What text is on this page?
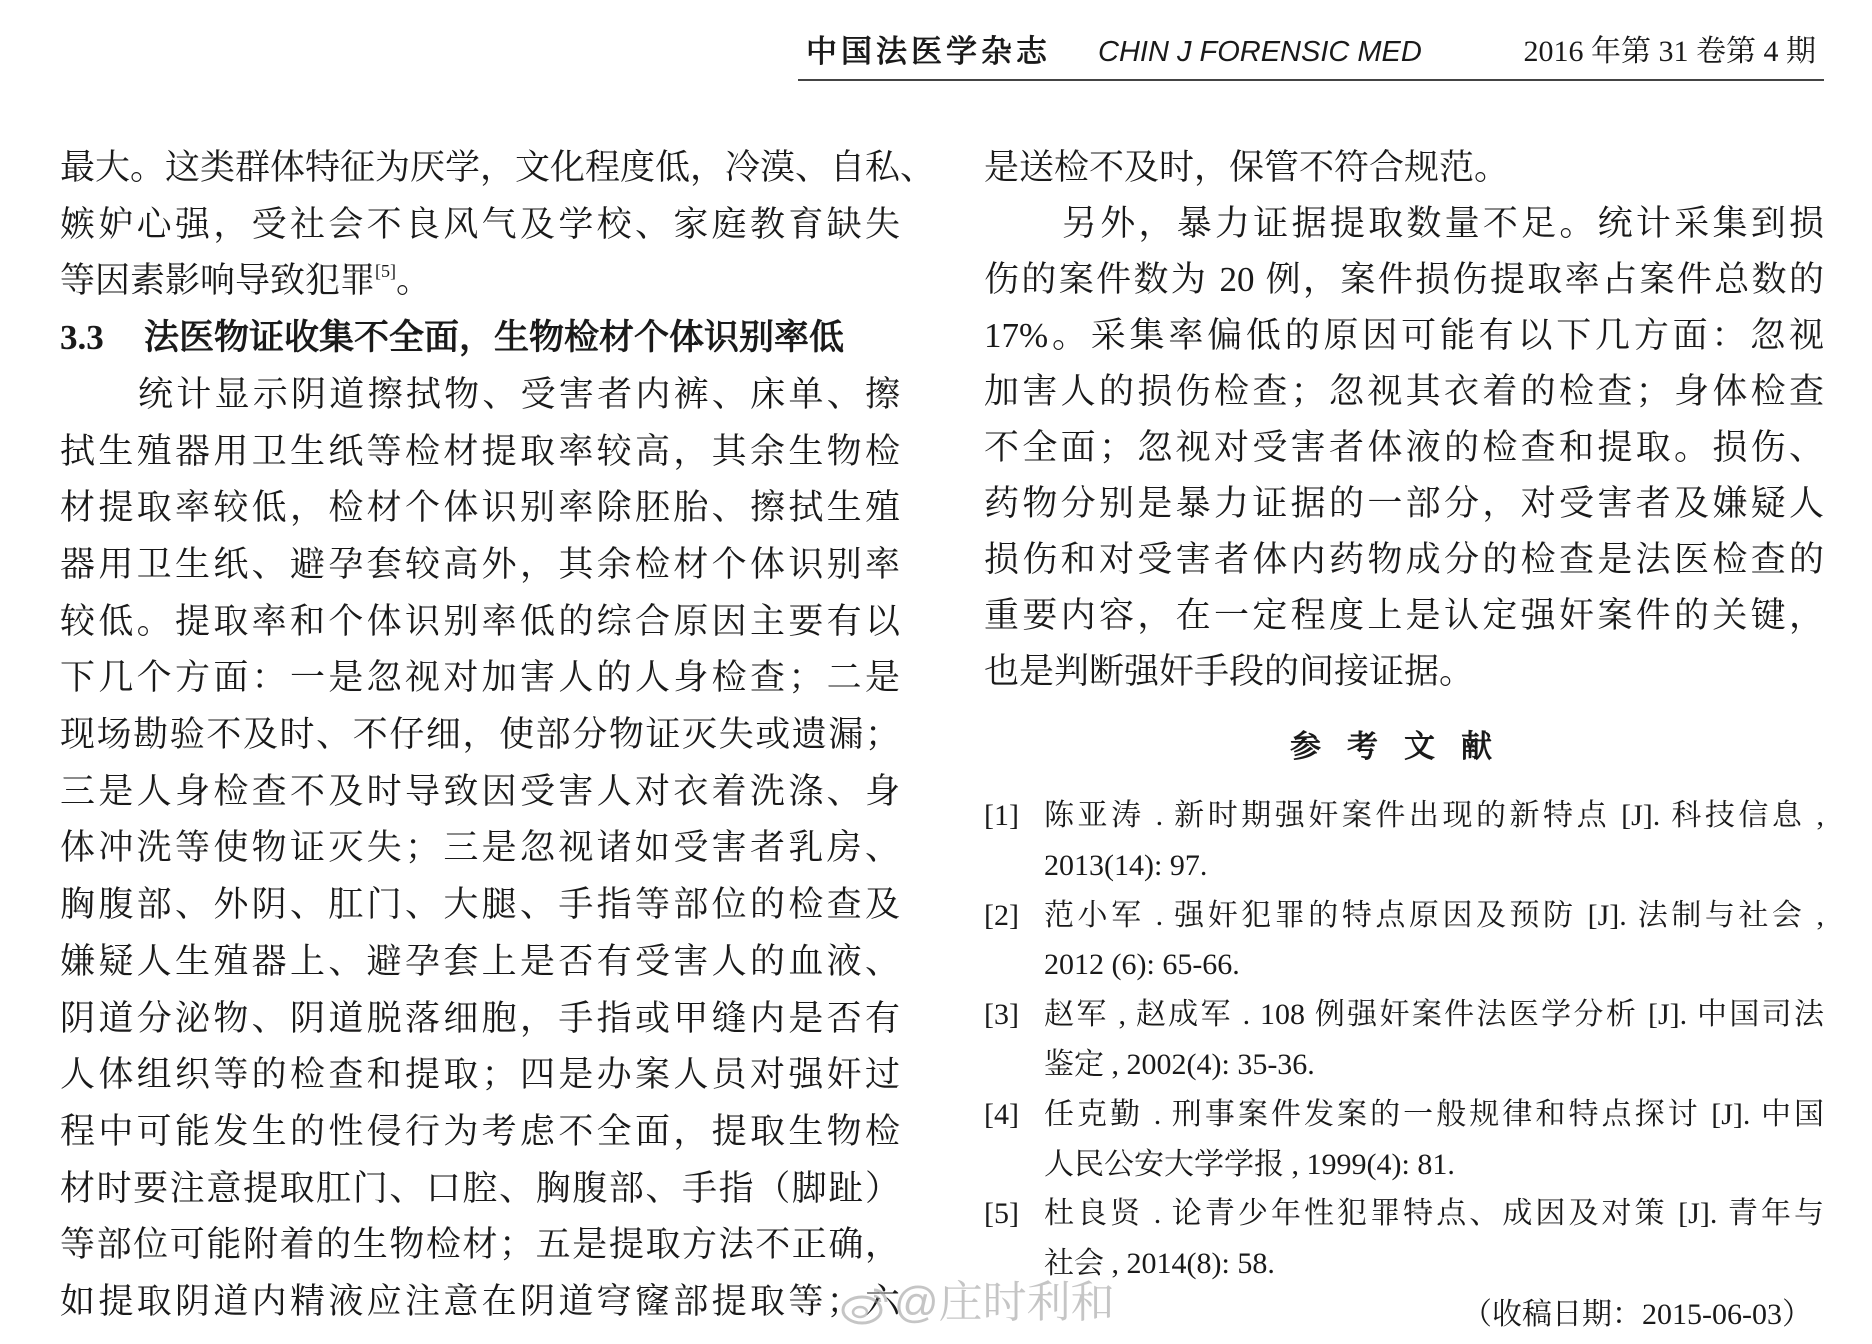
中国法医学杂志 CHIN J FORENSIC MED	2016 年第 31 卷第 4 期
最大。这类群体特征为厌学，文化程度低，冷漠、自私、
嫉妒心强，受社会不良风气及学校、家庭教育缺失
等因素影响导致犯罪[5]。
3.3 法医物证收集不全面，生物检材个体识别率低
统计显示阴道擦拭物、受害者内裤、床单、擦
拭生殖器用卫生纸等检材提取率较高，其余生物检
材提取率较低，检材个体识别率除胚胎、擦拭生殖
器用卫生纸、避孕套较高外，其余检材个体识别率
较低。提取率和个体识别率低的综合原因主要有以
下几个方面：一是忽视对加害人的人身检查；二是
现场勘验不及时、不仔细，使部分物证灭失或遗漏；
三是人身检查不及时导致因受害人对衣着洗涤、身
体冲洗等使物证灭失；三是忽视诸如受害者乳房、
胸腹部、外阴、肛门、大腿、手指等部位的检查及
嫌疑人生殖器上、避孕套上是否有受害人的血液、
阴道分泌物、阴道脱落细胞，手指或甲缝内是否有
人体组织等的检查和提取；四是办案人员对强奸过
程中可能发生的性侵行为考虑不全面，提取生物检
材时要注意提取肛门、口腔、胸腹部、手指（脚趾）
等部位可能附着的生物检材；五是提取方法不正确，
如提取阴道内精液应注意在阴道穹窿部提取等；六
是送检不及时，保管不符合规范。
另外，暴力证据提取数量不足。统计采集到损
伤的案件数为 20 例，案件损伤提取率占案件总数的
17%。采集率偏低的原因可能有以下几方面：忽视
加害人的损伤检查；忽视其衣着的检查；身体检查
不全面；忽视对受害者体液的检查和提取。损伤、
药物分别是暴力证据的一部分，对受害者及嫌疑人
损伤和对受害者体内药物成分的检查是法医检查的
重要内容，在一定程度上是认定强奸案件的关键，
也是判断强奸手段的间接证据。
参考文献
[1] 陈亚涛 . 新时期强奸案件出现的新特点 [J]. 科技信息 ,
2013(14): 97.
[2] 范小军 . 强奸犯罪的特点原因及预防 [J]. 法制与社会 ,
2012 (6): 65-66.
[3] 赵军 , 赵成军 . 108 例强奸案件法医学分析 [J]. 中国司法
鉴定 , 2002(4): 35-36.
[4] 任克勤 . 刑事案件发案的一般规律和特点探讨 [J]. 中国
人民公安大学学报 , 1999(4): 81.
[5] 杜良贤 . 论青少年性犯罪特点、成因及对策 [J]. 青年与
社会 , 2014(8): 58.
（收稿日期：2015-06-03）
@庄时利和
